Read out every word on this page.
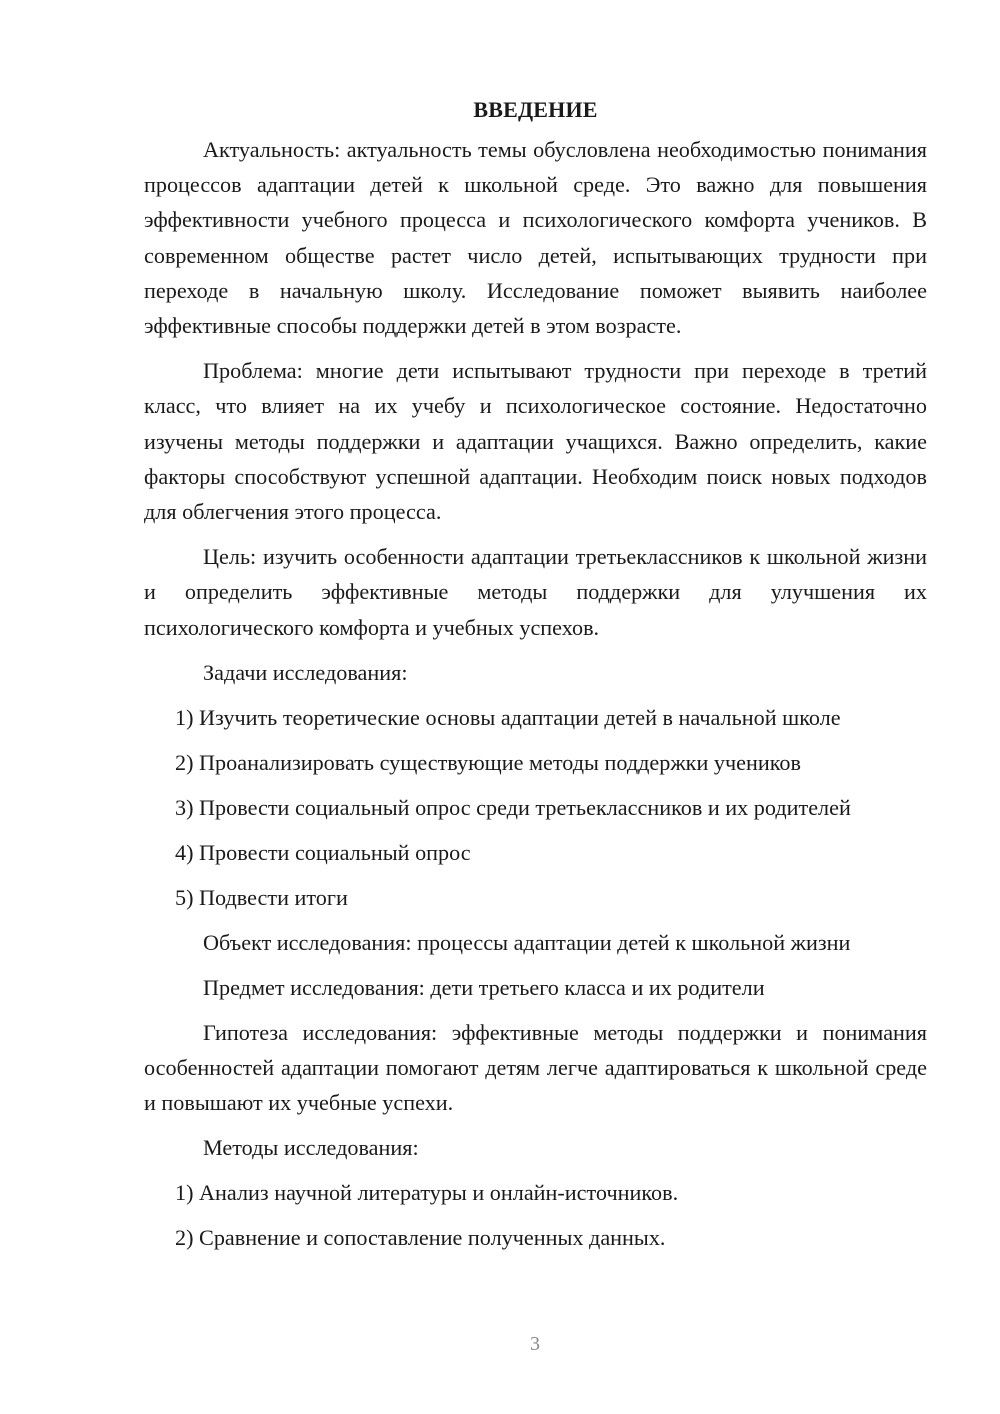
ВВЕДЕНИЕ

Актуальность: актуальность темы обусловлена необходимостью понимания процессов адаптации детей к школьной среде. Это важно для повышения эффективности учебного процесса и психологического комфорта учеников. В современном обществе растет число детей, испытывающих трудности при переходе в начальную школу. Исследование поможет выявить наиболее эффективные способы поддержки детей в этом возрасте.

Проблема: многие дети испытывают трудности при переходе в третий класс, что влияет на их учебу и психологическое состояние. Недостаточно изучены методы поддержки и адаптации учащихся. Важно определить, какие факторы способствуют успешной адаптации. Необходим поиск новых подходов для облегчения этого процесса.

Цель: изучить особенности адаптации третьеклассников к школьной жизни и определить эффективные методы поддержки для улучшения их психологического комфорта и учебных успехов.

Задачи исследования:

1) Изучить теоретические основы адаптации детей в начальной школе

2) Проанализировать существующие методы поддержки учеников

3) Провести социальный опрос среди третьеклассников и их родителей

4) Провести социальный опрос

5) Подвести итоги

Объект исследования: процессы адаптации детей к школьной жизни

Предмет исследования: дети третьего класса и их родители

Гипотеза исследования: эффективные методы поддержки и понимания особенностей адаптации помогают детям легче адаптироваться к школьной среде и повышают их учебные успехи.

Методы исследования:

1) Анализ научной литературы и онлайн-источников.

2) Сравнение и сопоставление полученных данных.

3
